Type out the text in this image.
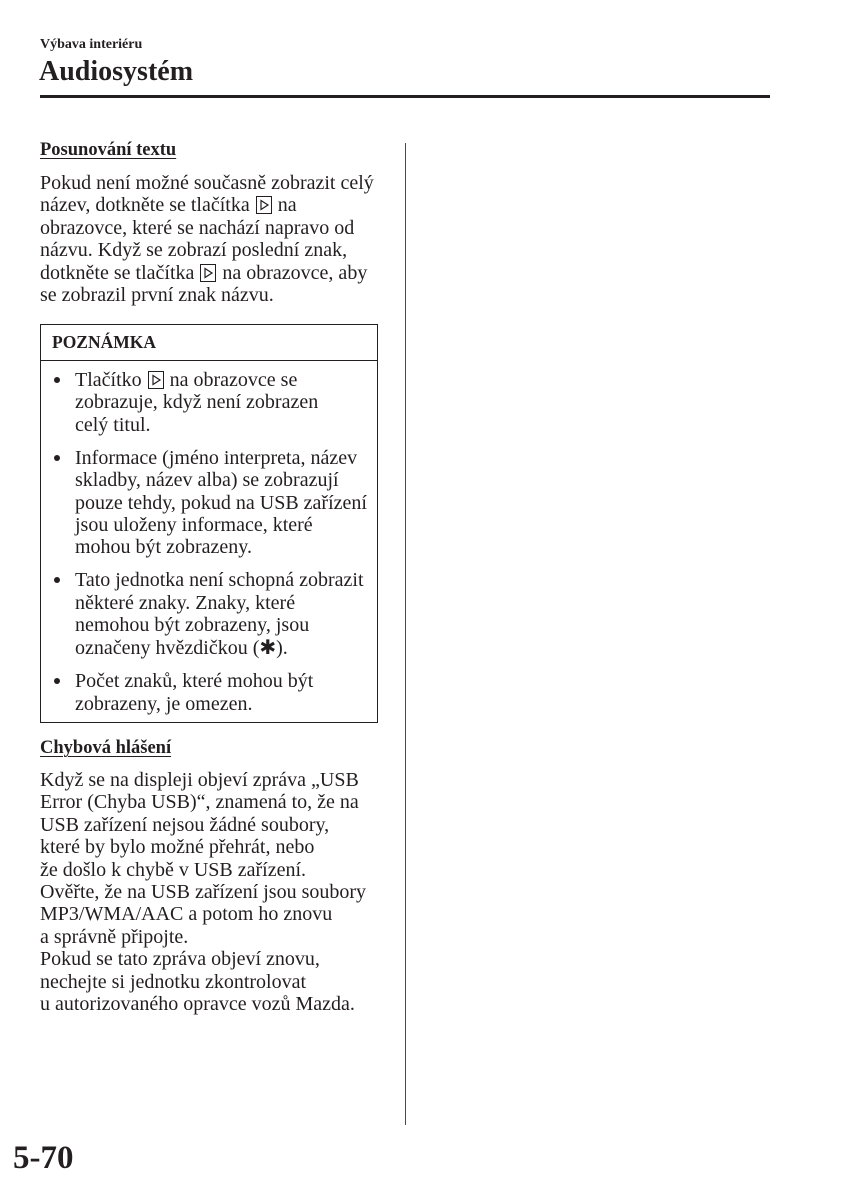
Výbava interiéru
Audiosystém
Posunování textu
Pokud není možné současně zobrazit celý
název, dotkněte se tlačítka
na
obrazovce, které se nachází napravo od
názvu. Když se zobrazí poslední znak,
dotkněte se tlačítka
na obrazovce, aby
se zobrazil první znak názvu.
POZNÁMKA
Tlačítko
na obrazovce se
zobrazuje, když není zobrazen
celý titul.
Informace (jméno interpreta, název
skladby, název alba) se zobrazují
pouze tehdy, pokud na USB zařízení
jsou uloženy informace, které
mohou být zobrazeny.
Tato jednotka není schopná zobrazit
některé znaky. Znaky, které
nemohou být zobrazeny, jsou
označeny hvězdičkou (✱).
Počet znaků, které mohou být
zobrazeny, je omezen.
Chybová hlášení
Když se na displeji objeví zpráva „USB
Error (Chyba USB)“, znamená to, že na
USB zařízení nejsou žádné soubory,
které by bylo možné přehrát, nebo
že došlo k chybě v USB zařízení.
Ověřte, že na USB zařízení jsou soubory
MP3/WMA/AAC a potom ho znovu
a správně připojte.
Pokud se tato zpráva objeví znovu,
nechejte si jednotku zkontrolovat
u autorizovaného opravce vozů Mazda.
5-70
